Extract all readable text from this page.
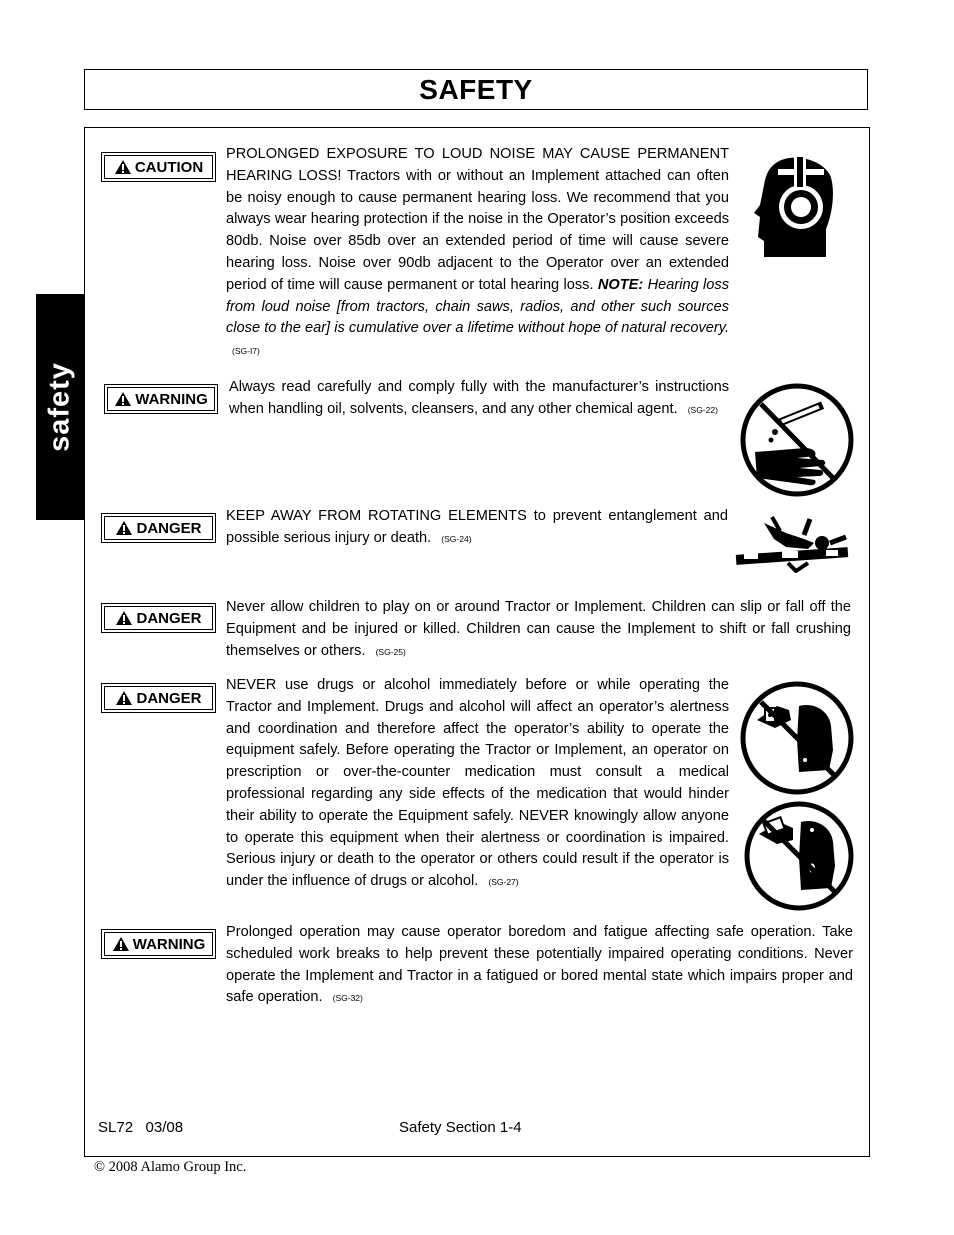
SAFETY
safety
CAUTION
PROLONGED EXPOSURE TO LOUD NOISE MAY CAUSE PERMANENT HEARING LOSS! Tractors with or without an Implement attached can often be noisy enough to cause permanent hearing loss. We recommend that you always wear hearing protection if the noise in the Operator’s position exceeds 80db. Noise over 85db over an extended period of time will cause severe hearing loss. Noise over 90db adjacent to the Operator over an extended period of time will cause permanent or total hearing loss. NOTE: Hearing loss from loud noise [from tractors, chain saws, radios, and other such sources close to the ear] is cumulative over a lifetime without hope of natural recovery. (SG-I7)
WARNING
Always read carefully and comply fully with the manufacturer’s instructions when handling oil, solvents, cleansers, and any other chemical agent. (SG-22)
DANGER
KEEP AWAY FROM ROTATING ELEMENTS to prevent entanglement and possible serious injury or death. (SG-24)
DANGER
Never allow children to play on or around Tractor or Implement. Children can slip or fall off the Equipment and be injured or killed. Children can cause the Implement to shift or fall crushing themselves or others. (SG-25)
DANGER
NEVER use drugs or alcohol immediately before or while operating the Tractor and Implement. Drugs and alcohol will affect an operator’s alertness and coordination and therefore affect the operator’s ability to operate the equipment safely. Before operating the Tractor or Implement, an operator on prescription or over-the-counter medication must consult a medical professional regarding any side effects of the medication that would hinder their ability to operate the Equipment safely. NEVER knowingly allow anyone to operate this equipment when their alertness or coordination is impaired. Serious injury or death to the operator or others could result if the operator is under the influence of drugs or alcohol. (SG-27)
WARNING
Prolonged operation may cause operator boredom and fatigue affecting safe operation. Take scheduled work breaks to help prevent these potentially impaired operating conditions. Never operate the Implement and Tractor in a fatigued or bored mental state which impairs proper and safe operation. (SG-32)
SL72   03/08	Safety Section 1-4
© 2008 Alamo Group Inc.
